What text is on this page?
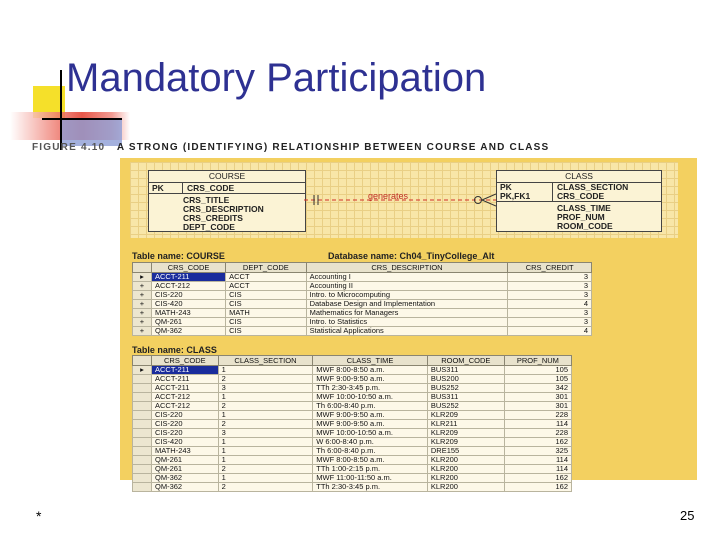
Mandatory Participation
FIGURE 4.10 A STRONG (IDENTIFYING) RELATIONSHIP BETWEEN COURSE AND CLASS
COURSE
PK	CRS_CODE
CRS_TITLE
CRS_DESCRIPTION
CRS_CREDITS
DEPT_CODE
CLASS
PK
PK,FK1
CLASS_SECTION
CRS_CODE
CLASS_TIME
PROF_NUM
ROOM_CODE
generates
Table name: COURSE	Database name: Ch04_TinyCollege_Alt
	CRS_CODE	DEPT_CODE	CRS_DESCRIPTION	CRS_CREDIT
▸	ACCT-211	ACCT	Accounting I	3
+	ACCT-212	ACCT	Accounting II	3
+	CIS-220	CIS	Intro. to Microcomputing	3
+	CIS-420	CIS	Database Design and Implementation	4
+	MATH-243	MATH	Mathematics for Managers	3
+	QM-261	CIS	Intro. to Statistics	3
+	QM-362	CIS	Statistical Applications	4
Table name: CLASS
	CRS_CODE	CLASS_SECTION	CLASS_TIME	ROOM_CODE	PROF_NUM
▸	ACCT-211	1	MWF 8:00-8:50 a.m.	BUS311	105
	ACCT-211	2	MWF 9:00-9:50 a.m.	BUS200	105
	ACCT-211	3	TTh 2:30-3:45 p.m.	BUS252	342
	ACCT-212	1	MWF 10:00-10:50 a.m.	BUS311	301
	ACCT-212	2	Th 6:00-8:40 p.m.	BUS252	301
	CIS-220	1	MWF 9:00-9:50 a.m.	KLR209	228
	CIS-220	2	MWF 9:00-9:50 a.m.	KLR211	114
	CIS-220	3	MWF 10:00-10:50 a.m.	KLR209	228
	CIS-420	1	W 6:00-8:40 p.m.	KLR209	162
	MATH-243	1	Th 6:00-8:40 p.m.	DRE155	325
	QM-261	1	MWF 8:00-8:50 a.m.	KLR200	114
	QM-261	2	TTh 1:00-2:15 p.m.	KLR200	114
	QM-362	1	MWF 11:00-11:50 a.m.	KLR200	162
	QM-362	2	TTh 2:30-3:45 p.m.	KLR200	162
*	25
